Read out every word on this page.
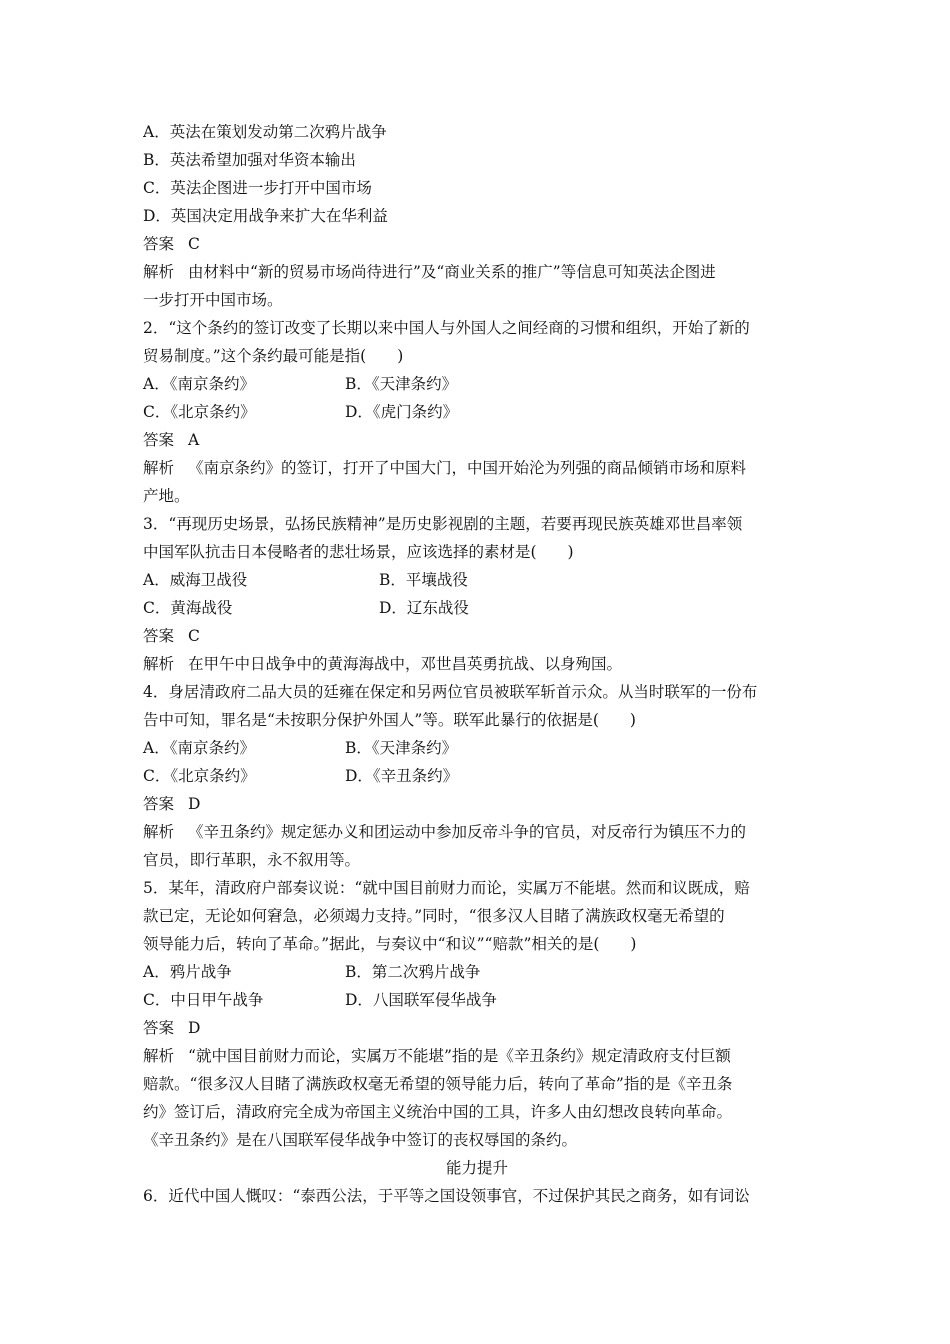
A．英法在策划发动第二次鸦片战争
B．英法希望加强对华资本输出
C．英法企图进一步打开中国市场
D．英国决定用战争来扩大在华利益
答案 C
解析 由材料中“新的贸易市场尚待进行”及“商业关系的推广”等信息可知英法企图进
一步打开中国市场。
2．“这个条约的签订改变了长期以来中国人与外国人之间经商的习惯和组织，开始了新的
贸易制度。”这个条约最可能是指(　　)
A．《南京条约》	B．《天津条约》
C．《北京条约》	D．《虎门条约》
答案 A
解析 《南京条约》的签订，打开了中国大门，中国开始沦为列强的商品倾销市场和原料
产地。
3．“再现历史场景，弘扬民族精神”是历史影视剧的主题，若要再现民族英雄邓世昌率领
中国军队抗击日本侵略者的悲壮场景，应该选择的素材是(　　)
A．威海卫战役	B．平壤战役
C．黄海战役	D．辽东战役
答案 C
解析 在甲午中日战争中的黄海海战中，邓世昌英勇抗战、以身殉国。
4．身居清政府二品大员的廷雍在保定和另两位官员被联军斩首示众。从当时联军的一份布
告中可知，罪名是“未按职分保护外国人”等。联军此暴行的依据是(　　)
A．《南京条约》	B．《天津条约》
C．《北京条约》	D．《辛丑条约》
答案 D
解析 《辛丑条约》规定惩办义和团运动中参加反帝斗争的官员，对反帝行为镇压不力的
官员，即行革职，永不叙用等。
5．某年，清政府户部奏议说：“就中国目前财力而论，实属万不能堪。然而和议既成，赔
款已定，无论如何窘急，必须竭力支持。”同时，“很多汉人目睹了满族政权毫无希望的
领导能力后，转向了革命。”据此，与奏议中“和议”“赔款”相关的是(　　)
A．鸦片战争	B．第二次鸦片战争
C．中日甲午战争	D．八国联军侵华战争
答案 D
解析 “就中国目前财力而论，实属万不能堪”指的是《辛丑条约》规定清政府支付巨额
赔款。“很多汉人目睹了满族政权毫无希望的领导能力后，转向了革命”指的是《辛丑条
约》签订后，清政府完全成为帝国主义统治中国的工具，许多人由幻想改良转向革命。
《辛丑条约》是在八国联军侵华战争中签订的丧权辱国的条约。
能力提升
6．近代中国人慨叹：“泰西公法，于平等之国设领事官，不过保护其民之商务，如有词讼
